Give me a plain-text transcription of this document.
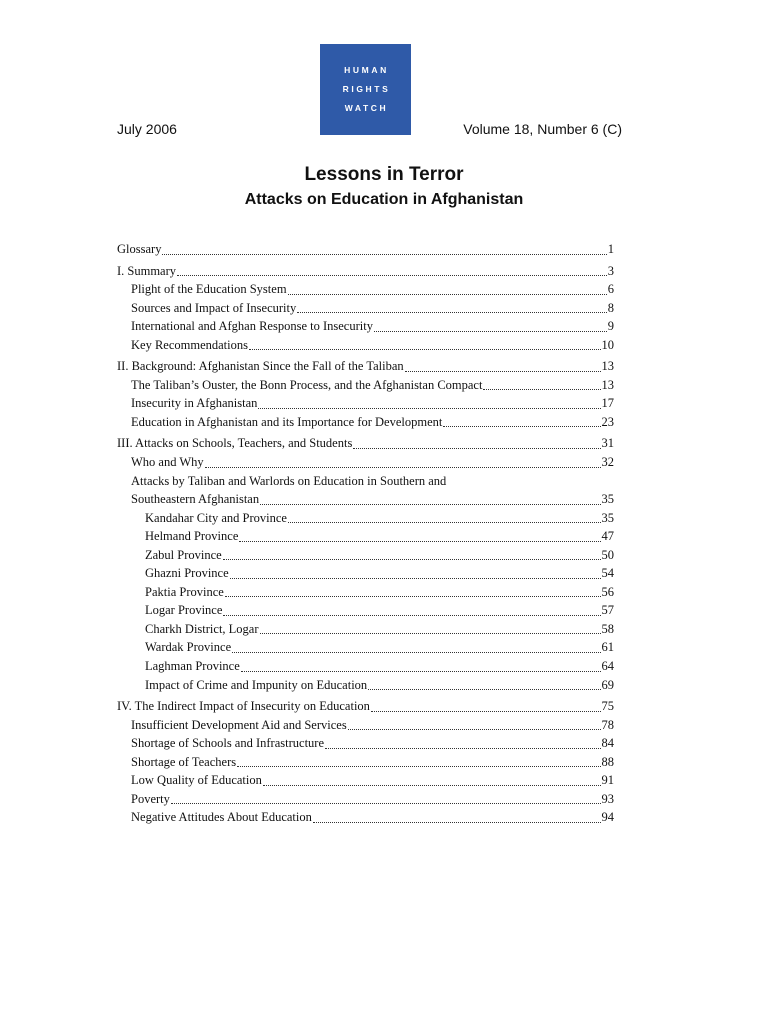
HUMAN
RIGHTS
WATCH
July 2006	Volume 18, Number 6 (C)
Lessons in Terror
Attacks on Education in Afghanistan
Glossary	1
I. Summary	3
Plight of the Education System	6
Sources and Impact of Insecurity	8
International and Afghan Response to Insecurity	9
Key Recommendations	10
II. Background: Afghanistan Since the Fall of the Taliban	13
The Taliban’s Ouster, the Bonn Process, and the Afghanistan Compact	13
Insecurity in Afghanistan	17
Education in Afghanistan and its Importance for Development	23
III. Attacks on Schools, Teachers, and Students	31
Who and Why	32
Attacks by Taliban and Warlords on Education in Southern and
Southeastern Afghanistan	35
Kandahar City and Province	35
Helmand Province	47
Zabul Province	50
Ghazni Province	54
Paktia Province	56
Logar Province	57
Charkh District, Logar	58
Wardak Province	61
Laghman Province	64
Impact of Crime and Impunity on Education	69
IV. The Indirect Impact of Insecurity on Education	75
Insufficient Development Aid and Services	78
Shortage of Schools and Infrastructure	84
Shortage of Teachers	88
Low Quality of Education	91
Poverty	93
Negative Attitudes About Education	94
